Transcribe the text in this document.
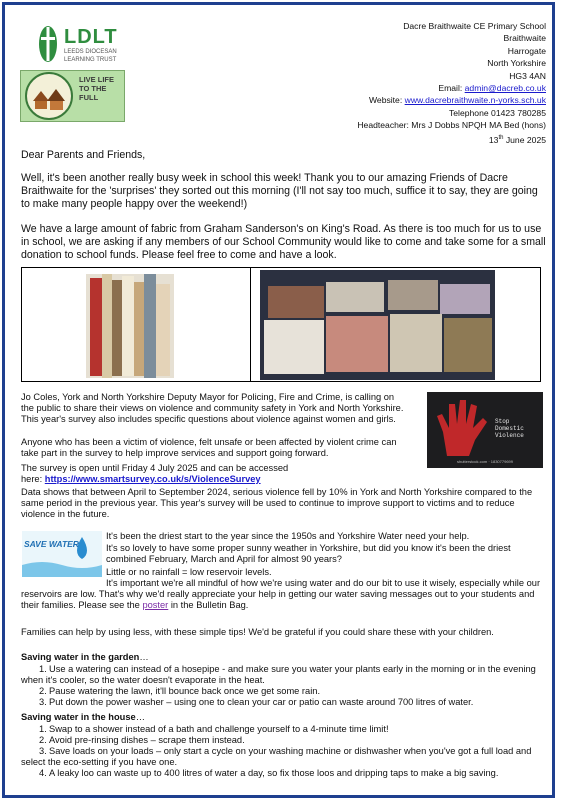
LDLT
LEEDS DIOCESAN
LEARNING TRUST
LIVE LIFE
TO THE
FULL
Dacre Braithwaite CE Primary School
Braithwaite
Harrogate
North Yorkshire
HG3 4AN
Email: admin@dacreb.co.uk
Website: www.dacrebraithwaite.n-yorks.sch.uk
Telephone 01423 780285
Headteacher: Mrs J Dobbs NPQH MA Bed (hons)
13th June 2025
Dear Parents and Friends,
Well, it's been another really busy week in school this week! Thank you to our amazing Friends of Dacre Braithwaite for the 'surprises' they sorted out this morning (I'll not say too much, suffice it to say, they are going to make many people happy over the weekend!)
We have a large amount of fabric from Graham Sanderson's on King's Road. As there is too much for us to use in school, we are asking if any members of our School Community would like to come and take some for a small donation to school funds. Please feel free to come and have a look.
Jo Coles, York and North Yorkshire Deputy Mayor for Policing, Fire and Crime, is calling on the public to share their views on violence and community safety in York and North Yorkshire. This year's survey also includes specific questions about violence against women and girls.
Anyone who has been a victim of violence, felt unsafe or been affected by violent crime can take part in the survey to help improve services and support going forward.
The survey is open until Friday 4 July 2025 and can be accessed
here: https://www.smartsurvey.co.uk/s/ViolenceSurvey
Data shows that between April to September 2024, serious violence fell by 10% in York and North Yorkshire compared to the same period in the previous year. This year's survey will be used to continue to improve support to victims and to reduce violence in the future.
Stop
Domestic
Violence
shutterstock.com · 1830779699
SAVE WATER
It's been the driest start to the year since the 1950s and Yorkshire Water need your help.
It's so lovely to have some proper sunny weather in Yorkshire, but did you know it's been the driest combined February, March and April for almost 90 years?
Little or no rainfall = low reservoir levels.
It's important we're all mindful of how we're using water and do our bit to use it wisely, especially while our reservoirs are low. That's why we'd really appreciate your help in getting our water saving messages out to your students and their families. Please see the poster in the Bulletin Bag.
Families can help by using less, with these simple tips! We'd be grateful if you could share these with your children.
Saving water in the garden…
1. Use a watering can instead of a hosepipe - and make sure you water your plants early in the morning or in the evening when it's cooler, so the water doesn't evaporate in the heat.
2. Pause watering the lawn, it'll bounce back once we get some rain.
3. Put down the power washer – using one to clean your car or patio can waste around 700 litres of water.
Saving water in the house…
1. Swap to a shower instead of a bath and challenge yourself to a 4-minute time limit!
2. Avoid pre-rinsing dishes – scrape them instead.
3. Save loads on your loads – only start a cycle on your washing machine or dishwasher when you've got a full load and select the eco-setting if you have one.
4. A leaky loo can waste up to 400 litres of water a day, so fix those loos and dripping taps to make a big saving.
